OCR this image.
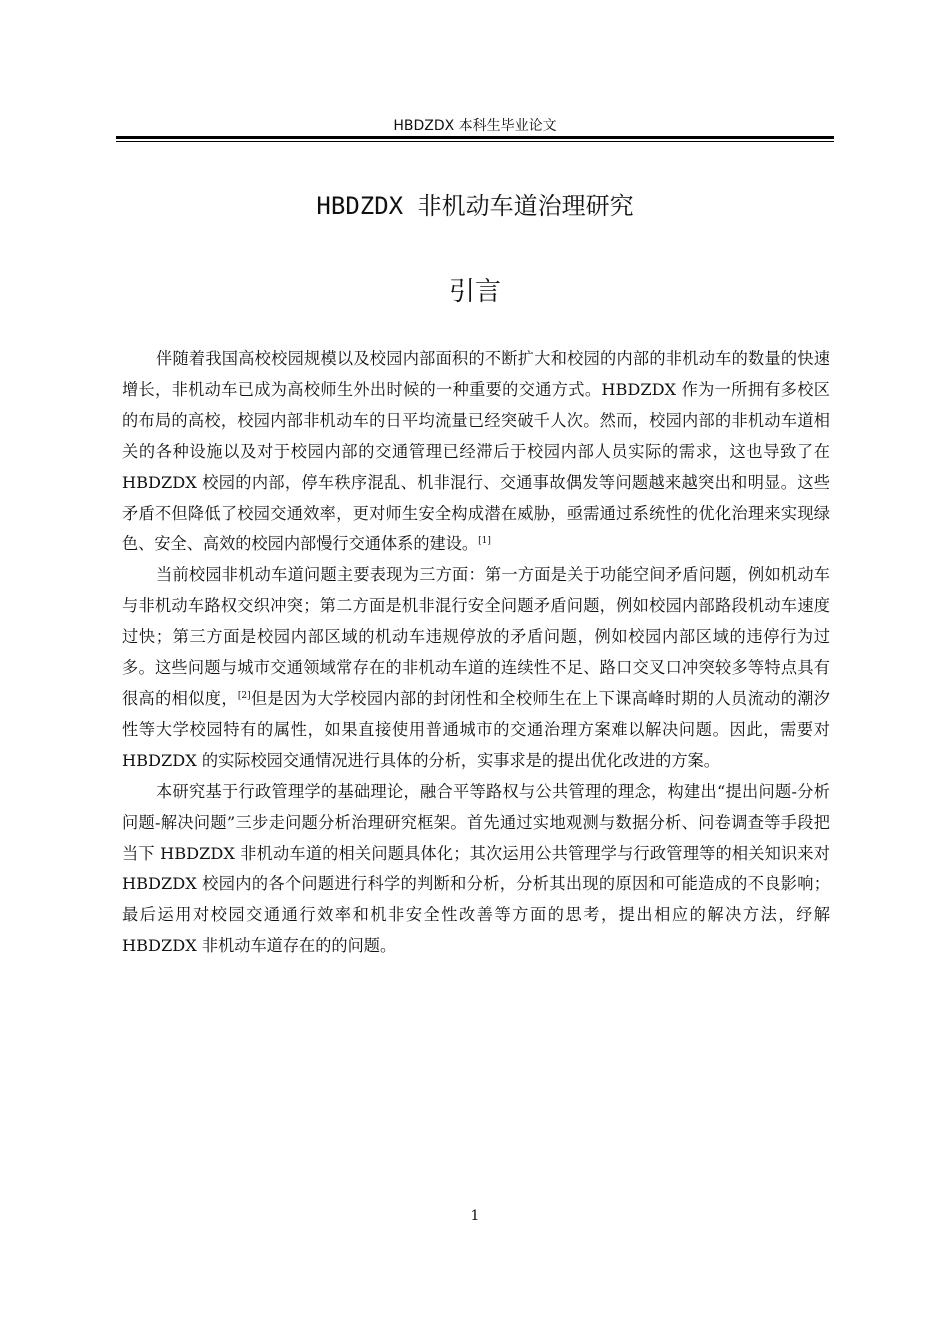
HBDZDX 本科生毕业论文
HBDZDX 非机动车道治理研究
引言

伴随着我国高校校园规模以及校园内部面积的不断扩大和校园的内部的非机动车的数量的快速增长，非机动车已成为高校师生外出时候的一种重要的交通方式。HBDZDX 作为一所拥有多校区的布局的高校，校园内部非机动车的日平均流量已经突破千人次。然而，校园内部的非机动车道相关的各种设施以及对于校园内部的交通管理已经滞后于校园内部人员实际的需求，这也导致了在 HBDZDX 校园的内部，停车秩序混乱、机非混行、交通事故偶发等问题越来越突出和明显。这些矛盾不但降低了校园交通效率，更对师生安全构成潜在威胁，亟需通过系统性的优化治理来实现绿色、安全、高效的校园内部慢行交通体系的建设。[1]

当前校园非机动车道问题主要表现为三方面：第一方面是关于功能空间矛盾问题，例如机动车与非机动车路权交织冲突；第二方面是机非混行安全问题矛盾问题，例如校园内部路段机动车速度过快；第三方面是校园内部区域的机动车违规停放的矛盾问题，例如校园内部区域的违停行为过多。这些问题与城市交通领域常存在的非机动车道的连续性不足、路口交叉口冲突较多等特点具有很高的相似度，[2]但是因为大学校园内部的封闭性和全校师生在上下课高峰时期的人员流动的潮汐性等大学校园特有的属性，如果直接使用普通城市的交通治理方案难以解决问题。因此，需要对 HBDZDX 的实际校园交通情况进行具体的分析，实事求是的提出优化改进的方案。

本研究基于行政管理学的基础理论，融合平等路权与公共管理的理念，构建出“提出问题-分析问题-解决问题”三步走问题分析治理研究框架。首先通过实地观测与数据分析、问卷调查等手段把当下 HBDZDX 非机动车道的相关问题具体化；其次运用公共管理学与行政管理等的相关知识来对 HBDZDX 校园内的各个问题进行科学的判断和分析，分析其出现的原因和可能造成的不良影响；最后运用对校园交通通行效率和机非安全性改善等方面的思考，提出相应的解决方法，纾解 HBDZDX 非机动车道存在的的问题。

1
